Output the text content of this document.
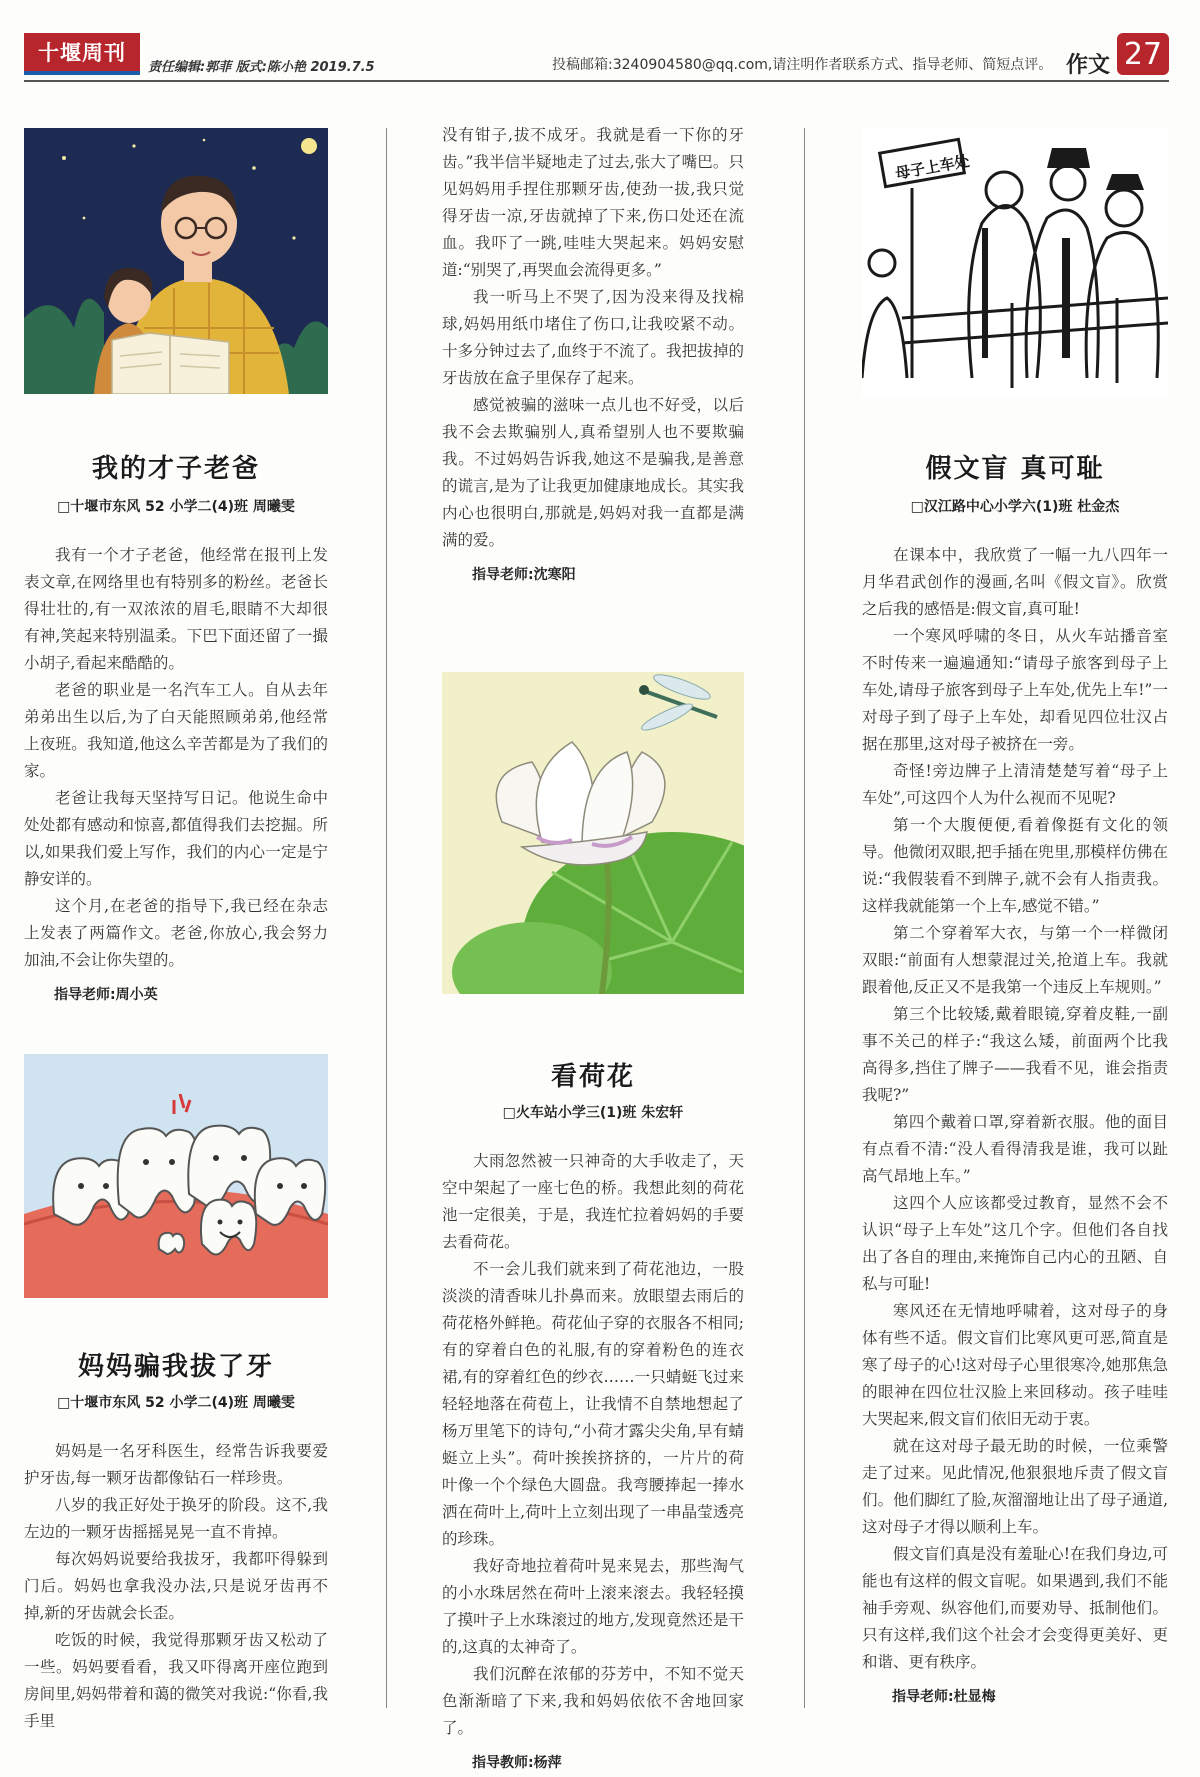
十堰周刊
责任编辑:郭菲 版式:陈小艳 2019.7.5	投稿邮箱:3240904580@qq.com,请注明作者联系方式、指导老师、简短点评。 作文 27
我的才子老爸
□十堰市东风 52 小学二(4)班 周曦雯

我有一个才子老爸，他经常在报刊上发表文章,在网络里也有特别多的粉丝。老爸长得壮壮的,有一双浓浓的眉毛,眼睛不大却很有神,笑起来特别温柔。下巴下面还留了一撮小胡子,看起来酷酷的。

老爸的职业是一名汽车工人。自从去年弟弟出生以后,为了白天能照顾弟弟,他经常上夜班。我知道,他这么辛苦都是为了我们的家。

老爸让我每天坚持写日记。他说生命中处处都有感动和惊喜,都值得我们去挖掘。所以,如果我们爱上写作，我们的内心一定是宁静安详的。

这个月,在老爸的指导下,我已经在杂志上发表了两篇作文。老爸,你放心,我会努力加油,不会让你失望的。

指导老师:周小英
妈妈骗我拔了牙
□十堰市东风 52 小学二(4)班 周曦雯

妈妈是一名牙科医生，经常告诉我要爱护牙齿,每一颗牙齿都像钻石一样珍贵。

八岁的我正好处于换牙的阶段。这不,我左边的一颗牙齿摇摇晃晃一直不肯掉。

每次妈妈说要给我拔牙，我都吓得躲到门后。妈妈也拿我没办法,只是说牙齿再不掉,新的牙齿就会长歪。

吃饭的时候，我觉得那颗牙齿又松动了一些。妈妈要看看，我又吓得离开座位跑到房间里,妈妈带着和蔼的微笑对我说:“你看,我手里

没有钳子,拔不成牙。我就是看一下你的牙齿。”我半信半疑地走了过去,张大了嘴巴。只见妈妈用手捏住那颗牙齿,使劲一拔,我只觉得牙齿一凉,牙齿就掉了下来,伤口处还在流血。我吓了一跳,哇哇大哭起来。妈妈安慰道:“别哭了,再哭血会流得更多。”

我一听马上不哭了,因为没来得及找棉球,妈妈用纸巾堵住了伤口,让我咬紧不动。十多分钟过去了,血终于不流了。我把拔掉的牙齿放在盒子里保存了起来。

感觉被骗的滋味一点儿也不好受，以后我不会去欺骗别人,真希望别人也不要欺骗我。不过妈妈告诉我,她这不是骗我,是善意的谎言,是为了让我更加健康地成长。其实我内心也很明白,那就是,妈妈对我一直都是满满的爱。

指导老师:沈寒阳
看荷花
□火车站小学三(1)班 朱宏轩

大雨忽然被一只神奇的大手收走了，天空中架起了一座七色的桥。我想此刻的荷花池一定很美，于是，我连忙拉着妈妈的手要去看荷花。

不一会儿我们就来到了荷花池边，一股淡淡的清香味儿扑鼻而来。放眼望去雨后的荷花格外鲜艳。荷花仙子穿的衣服各不相同;有的穿着白色的礼服,有的穿着粉色的连衣裙,有的穿着红色的纱衣……一只蜻蜓飞过来轻轻地落在荷苞上，让我情不自禁地想起了杨万里笔下的诗句,“小荷才露尖尖角,早有蜻蜓立上头”。荷叶挨挨挤挤的，一片片的荷叶像一个个绿色大圆盘。我弯腰捧起一捧水洒在荷叶上,荷叶上立刻出现了一串晶莹透亮的珍珠。

我好奇地拉着荷叶晃来晃去，那些淘气的小水珠居然在荷叶上滚来滚去。我轻轻摸了摸叶子上水珠滚过的地方,发现竟然还是干的,这真的太神奇了。

我们沉醉在浓郁的芬芳中，不知不觉天色渐渐暗了下来,我和妈妈依依不舍地回家了。

指导教师:杨萍
母子上车处
假文盲 真可耻
□汉江路中心小学六(1)班 杜金杰

在课本中，我欣赏了一幅一九八四年一月华君武创作的漫画,名叫《假文盲》。欣赏之后我的感悟是:假文盲,真可耻!

一个寒风呼啸的冬日，从火车站播音室不时传来一遍遍通知:“请母子旅客到母子上车处,请母子旅客到母子上车处,优先上车!”一对母子到了母子上车处，却看见四位壮汉占据在那里,这对母子被挤在一旁。

奇怪!旁边牌子上清清楚楚写着“母子上车处”,可这四个人为什么视而不见呢?

第一个大腹便便,看着像挺有文化的领导。他微闭双眼,把手插在兜里,那模样仿佛在说:“我假装看不到牌子,就不会有人指责我。这样我就能第一个上车,感觉不错。”

第二个穿着军大衣，与第一个一样微闭双眼:“前面有人想蒙混过关,抢道上车。我就跟着他,反正又不是我第一个违反上车规则。”

第三个比较矮,戴着眼镜,穿着皮鞋,一副事不关己的样子:“我这么矮，前面两个比我高得多,挡住了牌子——我看不见，谁会指责我呢?”

第四个戴着口罩,穿着新衣服。他的面目有点看不清:“没人看得清我是谁，我可以趾高气昂地上车。”

这四个人应该都受过教育，显然不会不认识“母子上车处”这几个字。但他们各自找出了各自的理由,来掩饰自己内心的丑陋、自私与可耻!

寒风还在无情地呼啸着，这对母子的身体有些不适。假文盲们比寒风更可恶,简直是寒了母子的心!这对母子心里很寒冷,她那焦急的眼神在四位壮汉脸上来回移动。孩子哇哇大哭起来,假文盲们依旧无动于衷。

就在这对母子最无助的时候，一位乘警走了过来。见此情况,他狠狠地斥责了假文盲们。他们脚红了脸,灰溜溜地让出了母子通道,这对母子才得以顺利上车。

假文盲们真是没有羞耻心!在我们身边,可能也有这样的假文盲呢。如果遇到,我们不能袖手旁观、纵容他们,而要劝导、抵制他们。只有这样,我们这个社会才会变得更美好、更和谐、更有秩序。

指导老师:杜显梅
